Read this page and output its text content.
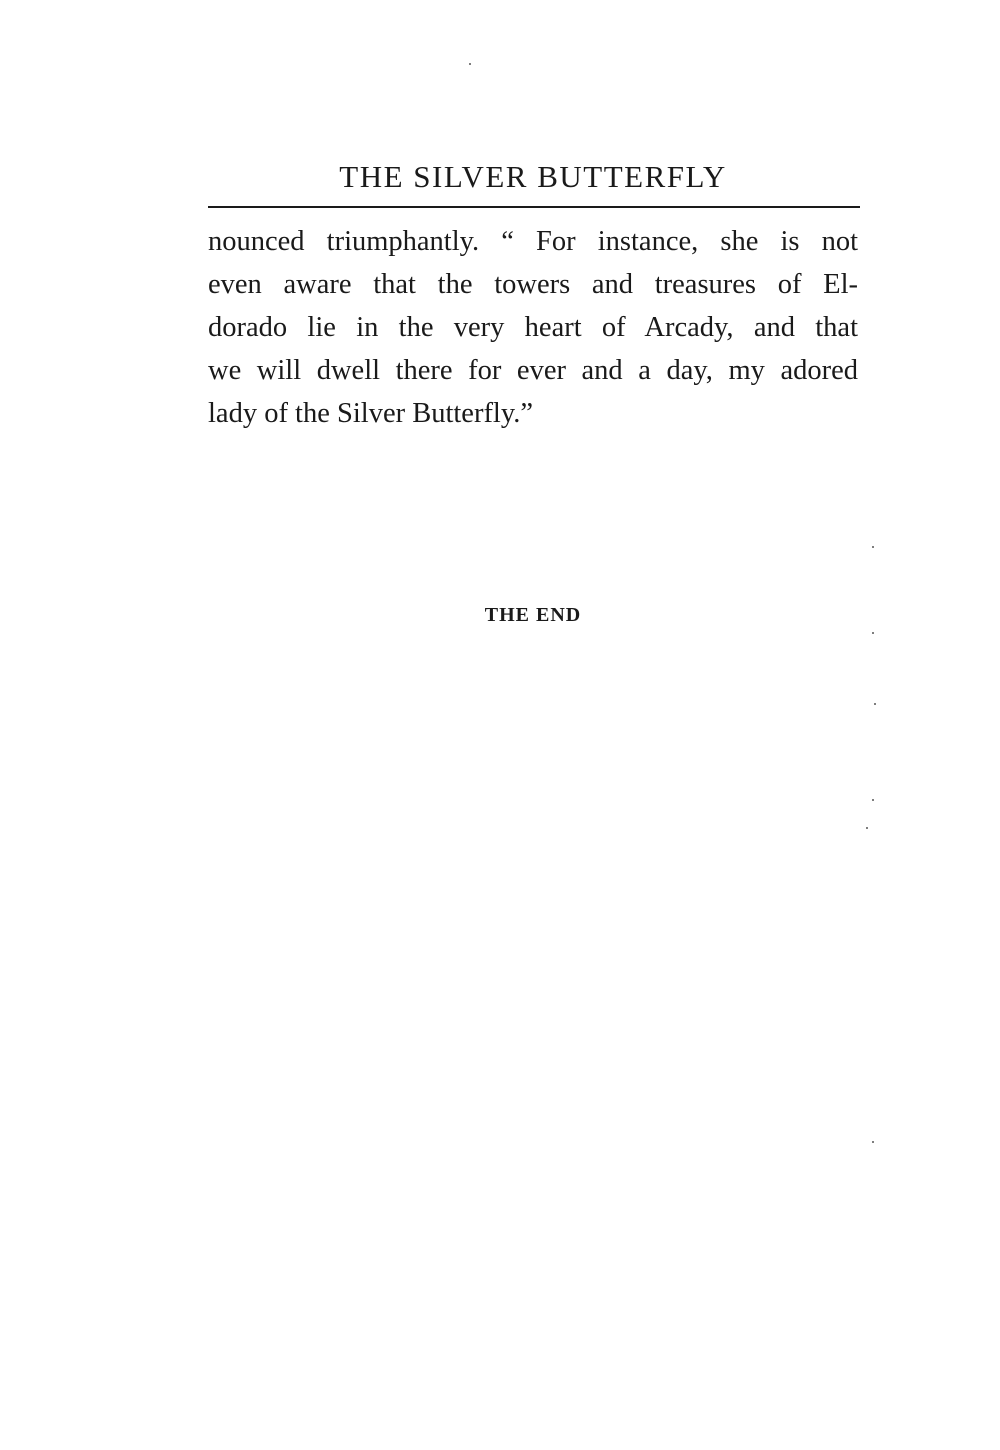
THE SILVER BUTTERFLY
nounced triumphantly. “ For instance, she is not
even aware that the towers and treasures of El-
dorado lie in the very heart of Arcady, and that
we will dwell there for ever and a day, my adored
lady of the Silver Butterfly.”
THE END
